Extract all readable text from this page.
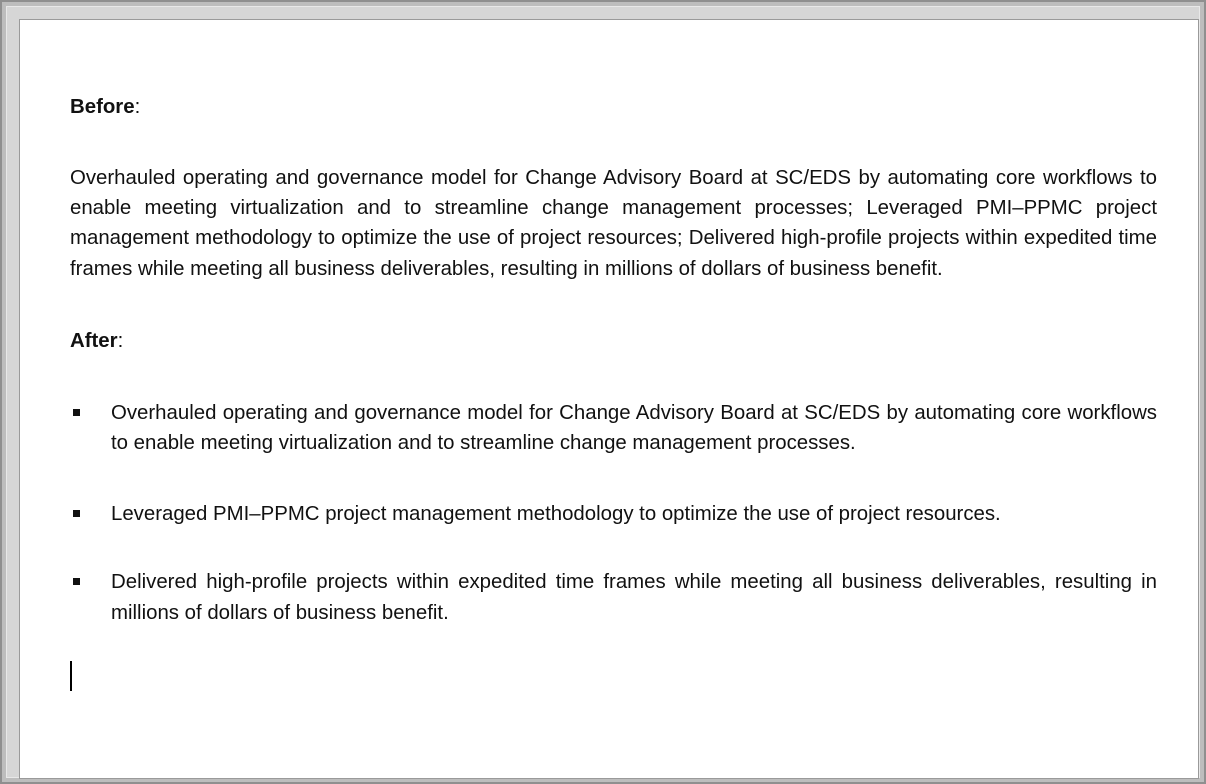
Before:

Overhauled operating and governance model for Change Advisory Board at SC/EDS by automating core workflows to enable meeting virtualization and to streamline change management processes; Leveraged PMI–PPMC project management methodology to optimize the use of project resources; Delivered high-profile projects within expedited time frames while meeting all business deliverables, resulting in millions of dollars of business benefit.

After:

Overhauled operating and governance model for Change Advisory Board at SC/EDS by automating core workflows to enable meeting virtualization and to streamline change management processes.
Leveraged PMI–PPMC project management methodology to optimize the use of project resources.
Delivered high-profile projects within expedited time frames while meeting all business deliverables, resulting in millions of dollars of business benefit.
